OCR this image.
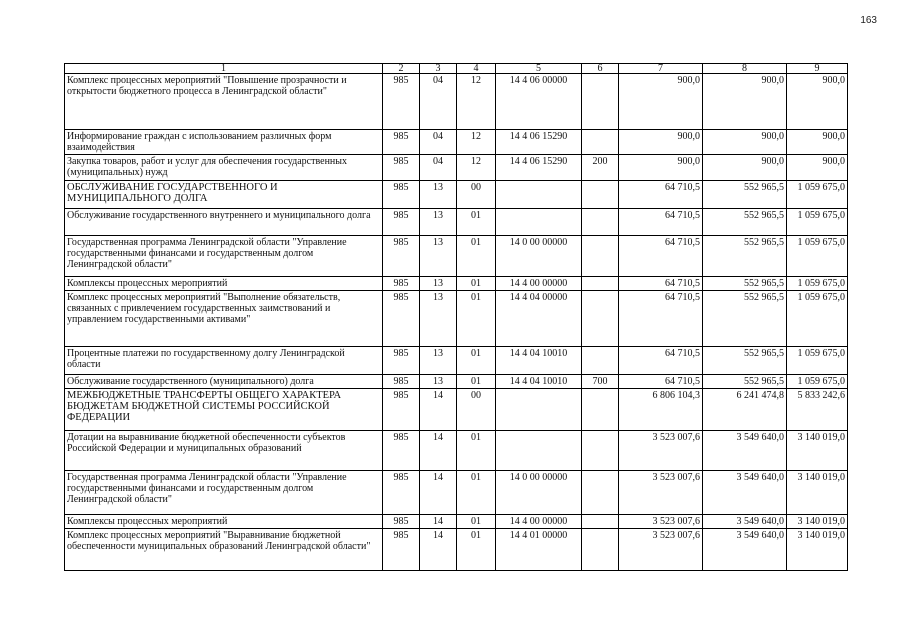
163
1	2	3	4	5	6	7	8	9
Комплекс процессных мероприятий "Повышение прозрачности и открытости бюджетного процесса в Ленинградской области"	985	04	12	14 4 06 00000		900,0	900,0	900,0
Информирование граждан с использованием различных форм взаимодействия	985	04	12	14 4 06 15290		900,0	900,0	900,0
Закупка товаров, работ и услуг для обеспечения государственных (муниципальных) нужд	985	04	12	14 4 06 15290	200	900,0	900,0	900,0
ОБСЛУЖИВАНИЕ ГОСУДАРСТВЕННОГО И МУНИЦИПАЛЬНОГО ДОЛГА	985	13	00			64 710,5	552 965,5	1 059 675,0
Обслуживание государственного внутреннего и муниципального долга	985	13	01			64 710,5	552 965,5	1 059 675,0
Государственная программа Ленинградской области "Управление государственными финансами и государственным долгом Ленинградской области"	985	13	01	14 0 00 00000		64 710,5	552 965,5	1 059 675,0
Комплексы процессных мероприятий	985	13	01	14 4 00 00000		64 710,5	552 965,5	1 059 675,0
Комплекс процессных мероприятий "Выполнение обязательств, связанных с привлечением государственных заимствований и управлением государственными активами"	985	13	01	14 4 04 00000		64 710,5	552 965,5	1 059 675,0
Процентные платежи по государственному долгу Ленинградской области	985	13	01	14 4 04 10010		64 710,5	552 965,5	1 059 675,0
Обслуживание государственного (муниципального) долга	985	13	01	14 4 04 10010	700	64 710,5	552 965,5	1 059 675,0
МЕЖБЮДЖЕТНЫЕ ТРАНСФЕРТЫ ОБЩЕГО ХАРАКТЕРА БЮДЖЕТАМ БЮДЖЕТНОЙ СИСТЕМЫ РОССИЙСКОЙ ФЕДЕРАЦИИ	985	14	00			6 806 104,3	6 241 474,8	5 833 242,6
Дотации на выравнивание бюджетной обеспеченности субъектов Российской Федерации и муниципальных образований	985	14	01			3 523 007,6	3 549 640,0	3 140 019,0
Государственная программа Ленинградской области "Управление государственными финансами и государственным долгом Ленинградской области"	985	14	01	14 0 00 00000		3 523 007,6	3 549 640,0	3 140 019,0
Комплексы процессных мероприятий	985	14	01	14 4 00 00000		3 523 007,6	3 549 640,0	3 140 019,0
Комплекс процессных мероприятий "Выравнивание бюджетной обеспеченности муниципальных образований Ленинградской области"	985	14	01	14 4 01 00000		3 523 007,6	3 549 640,0	3 140 019,0
